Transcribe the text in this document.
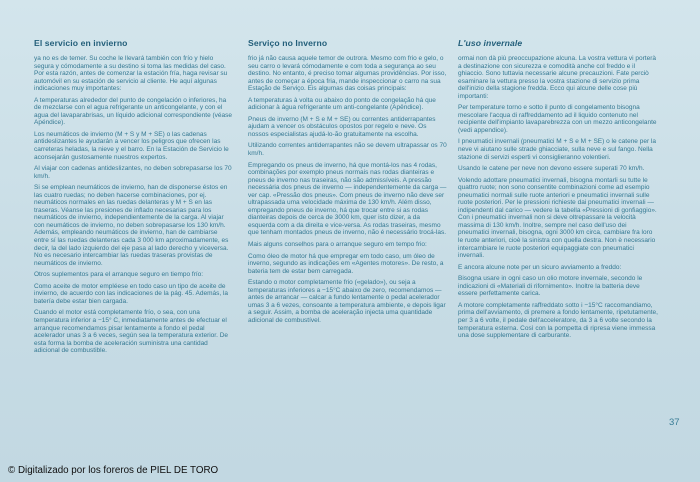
El servicio en invierno

ya no es de temer. Su coche le llevará también con frío y hielo segura y cómodamente a su destino si toma las medidas del caso. Por esta razón, antes de comenzar la estación fría, haga revisar su automóvil en su estación de servicio al cliente. He aquí algunas indicaciones muy importantes:

A temperaturas alrededor del punto de congelación o inferiores, ha de mezclarse con el agua refrigerante un anticongelante, y con el agua del lavaparabrisas, un líquido adicional correspondiente (véase Apéndice).

Los neumáticos de invierno (M + S y M + SE) o las cadenas antideslizantes le ayudarán a vencer los peligros que ofrecen las carreteras heladas, la nieve y el barro. En la Estación de Servicio le aconsejarán gustosamente nuestros expertos.

Al viajar con cadenas antideslizantes, no deben sobrepasarse los 70 km/h.

Si se emplean neumáticos de invierno, han de disponerse éstos en las cuatro ruedas; no deben hacerse combinaciones, por ej. neumáticos normales en las ruedas delanteras y M + S en las traseras. Véanse las presiones de inflado necesarias para los neumáticos de invierno, independientemente de la carga. Al viajar con neumáticos de invierno, no deben sobrepasarse los 130 km/h. Además, empleando neumáticos de invierno, han de cambiarse entre sí las ruedas delanteras cada 3 000 km aproximadamente, es decir, la del lado izquierdo del eje pasa al lado derecho y viceversa. No es necesario intercambiar las ruedas traseras provistas de neumáticos de invierno.

Otros suplementos para el arranque seguro en tiempo frío:

Como aceite de motor empléese en todo caso un tipo de aceite de invierno, de acuerdo con las indicaciones de la pág. 45. Además, la batería debe estar bien cargada.

Cuando el motor está completamente frío, o sea, con una temperatura inferior a −15° C, inmediatamente antes de efectuar el arranque recomendamos pisar lentamente a fondo el pedal acelerador unas 3 a 6 veces, según sea la temperatura exterior. De esta forma la bomba de aceleración suministra una cantidad adicional de combustible.

Serviço no Inverno

frio já não causa aquele temor de outrora. Mesmo com frio e gelo, o seu carro o levará cómodamente e com toda a segurança ao seu destino. No entanto, é preciso tomar algumas providências. Por isso, antes de começar a época fria, mande inspeccionar o carro na sua Estação de Serviço. Eis algumas das coisas principais:

A temperaturas à volta ou abaixo do ponto de congelação há que adicionar à água refrigerante um anti-congelante (Apêndice).

Pneus de inverno (M + S e M + SE) ou correntes antiderrapantes ajudam a vencer os obstáculos opostos por regelo e neve. Os nossos especialistas ajudá-lo-ão gratuitamente na escolha.

Utilizando correntes antiderrapantes não se devem ultrapassar os 70 km/h.

Empregando os pneus de inverno, há que montá-los nas 4 rodas, combinações por exemplo pneus normais nas rodas dianteiras e pneus de inverno nas traseiras, não são admissíveis. A pressão necessária dos pneus de inverno — independentemente da carga — ver cap. «Pressão dos pneus». Com pneus de inverno não deve ser ultrapassada uma velocidade máxima de 130 km/h. Além disso, empregando pneus de inverno, há que trocar entre si as rodas dianteiras depois de cerca de 3000 km, quer isto dizer, a da esquerda com a da direita e vice-versa. As rodas traseiras, mesmo que tenham montados pneus de inverno, não é necessário trocá-las.

Mais alguns conselhos para o arranque seguro em tempo frio:

Como óleo de motor há que empregar em todo caso, um óleo de inverno, segundo as indicações em «Agentes motores». De resto, a bateria tem de estar bem carregada.

Estando o motor completamente frio («gelado»), ou seja a temperaturas inferiores a −15°C abaixo de zero, recomendamos — antes de arrancar — calcar a fundo lentamente o pedal acelerador umas 3 a 6 vezes, consoante a temperatura ambiente, e depois ligar a seguir. Assim, a bomba de aceleração injecta uma quantidade adicional de combustível.

L'uso invernale

ormai non dà più preoccupazione alcuna. La vostra vettura vi porterà a destinazione con sicurezza e comodità anche col freddo e il ghiaccio. Sono tuttavia necessarie alcune precauzioni. Fate perciò esaminare la vettura presso la vostra stazione di servizio prima dell'inizio della stagione fredda. Ecco qui alcune delle cose più importanti:

Per temperature torno e sotto il punto di congelamento bisogna mescolare l'acqua di raffreddamento ad il liquido contenuto nel recipiente dell'impianto lavaparebrezza con un mezzo anticongelante (vedi appendice).

I pneumatici invernali (pneumatici M + S e M + SE) o le catene per la neve vi aiutano sulle strade ghiacciate, sulla neve e sul fango. Nella stazione di servizi esperti vi consiglieranno volentieri.

Usando le catene per neve non devono essere superati 70 km/h.

Volendo adottare pneumatici invernali, bisogna montarli su tutte le quattro ruote; non sono consentite combinazioni come ad esempio pneumatici normali sulle ruote anteriori e pneumatici invernali sulle ruote posteriori. Per le pressioni richieste dai pneumatici invernali — indipendenti dal carico — vedere la tabella «Pressioni di gonfiaggio». Con i pneumatici invernali non si deve oltrepassare la velocità massima di 130 km/h. Inoltre, sempre nel caso dell'uso dei pneumatici invernali, bisogna, ogni 3000 km circa, cambiare fra loro le ruote anteriori, cioè la sinistra con quella destra. Non è necessario intercambiare le ruote posteriori equipaggiate con pneumatici invernali.

E ancora alcune note per un sicuro avviamento a freddo:

Bisogna usare in ogni caso un olio motore invernale, secondo le indicazioni di «Materiali di rifornimento». Inoltre la batteria deve essere perfettamente carica.

A motore completamente raffreddato sotto i −15°C raccomandiamo, prima dell'avviamento, di premere a fondo lentamente, ripetutamente, per 3 a 6 volte, il pedale dell'acceleratore, da 3 a 6 volte secondo la temperatura esterna. Così con la pompetta di ripresa viene immessa una dose supplementare di carburante.

37
© Digitalizado por los foreros de PIEL DE TORO
